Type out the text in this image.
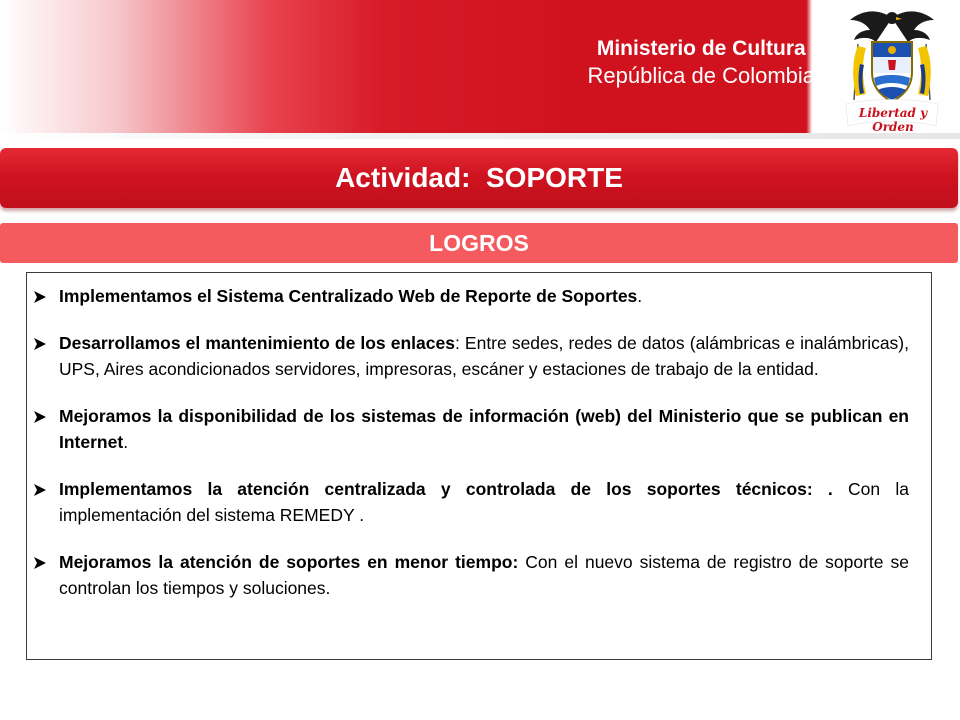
Ministerio de Cultura
República de Colombia
Libertad y Orden
Actividad:  SOPORTE
LOGROS
Implementamos el Sistema Centralizado Web de Reporte de Soportes.
Desarrollamos el mantenimiento de los enlaces: Entre sedes, redes de datos (alámbricas e inalámbricas), UPS, Aires acondicionados servidores, impresoras, escáner y estaciones de trabajo de la entidad.
Mejoramos la disponibilidad de los sistemas de información (web) del Ministerio que se publican en Internet.
Implementamos la atención centralizada y controlada de los soportes técnicos: . Con la implementación del sistema REMEDY .
Mejoramos la atención de soportes en menor tiempo: Con el nuevo sistema de registro de soporte se controlan los tiempos y soluciones.
